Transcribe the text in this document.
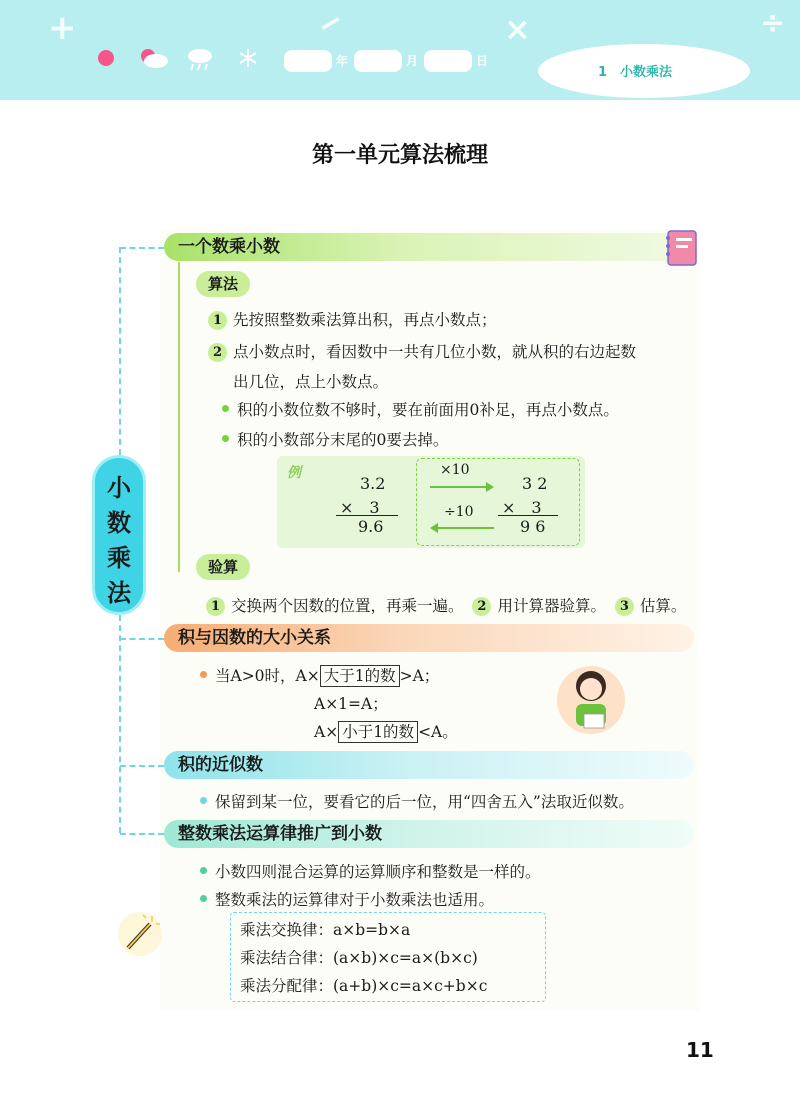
+	−	×	÷
年	月	日
1　小数乘法
第一单元算法梳理
小
数
乘
法
一个数乘小数
算法
1 先按照整数乘法算出积，再点小数点；
2 点小数点时，看因数中一共有几位小数，就从积的右边起数
出几位，点上小数点。
积的小数位数不够时，要在前面用0补足，再点小数点。
积的小数部分末尾的0要去掉。
例
3.2
×　3
9.6
×10
÷10
3 2
×　3
9 6
验算
1 交换两个因数的位置，再乘一遍。 2 用计算器验算。 3 估算。
积与因数的大小关系
当A>0时，A× 大于1的数 >A；
A×1=A；
A× 小于1的数 <A。
积的近似数
保留到某一位，要看它的后一位，用“四舍五入”法取近似数。
整数乘法运算律推广到小数
小数四则混合运算的运算顺序和整数是一样的。
整数乘法的运算律对于小数乘法也适用。
乘法交换律：a×b=b×a
乘法结合律：(a×b)×c=a×(b×c)
乘法分配律：(a+b)×c=a×c+b×c
11
